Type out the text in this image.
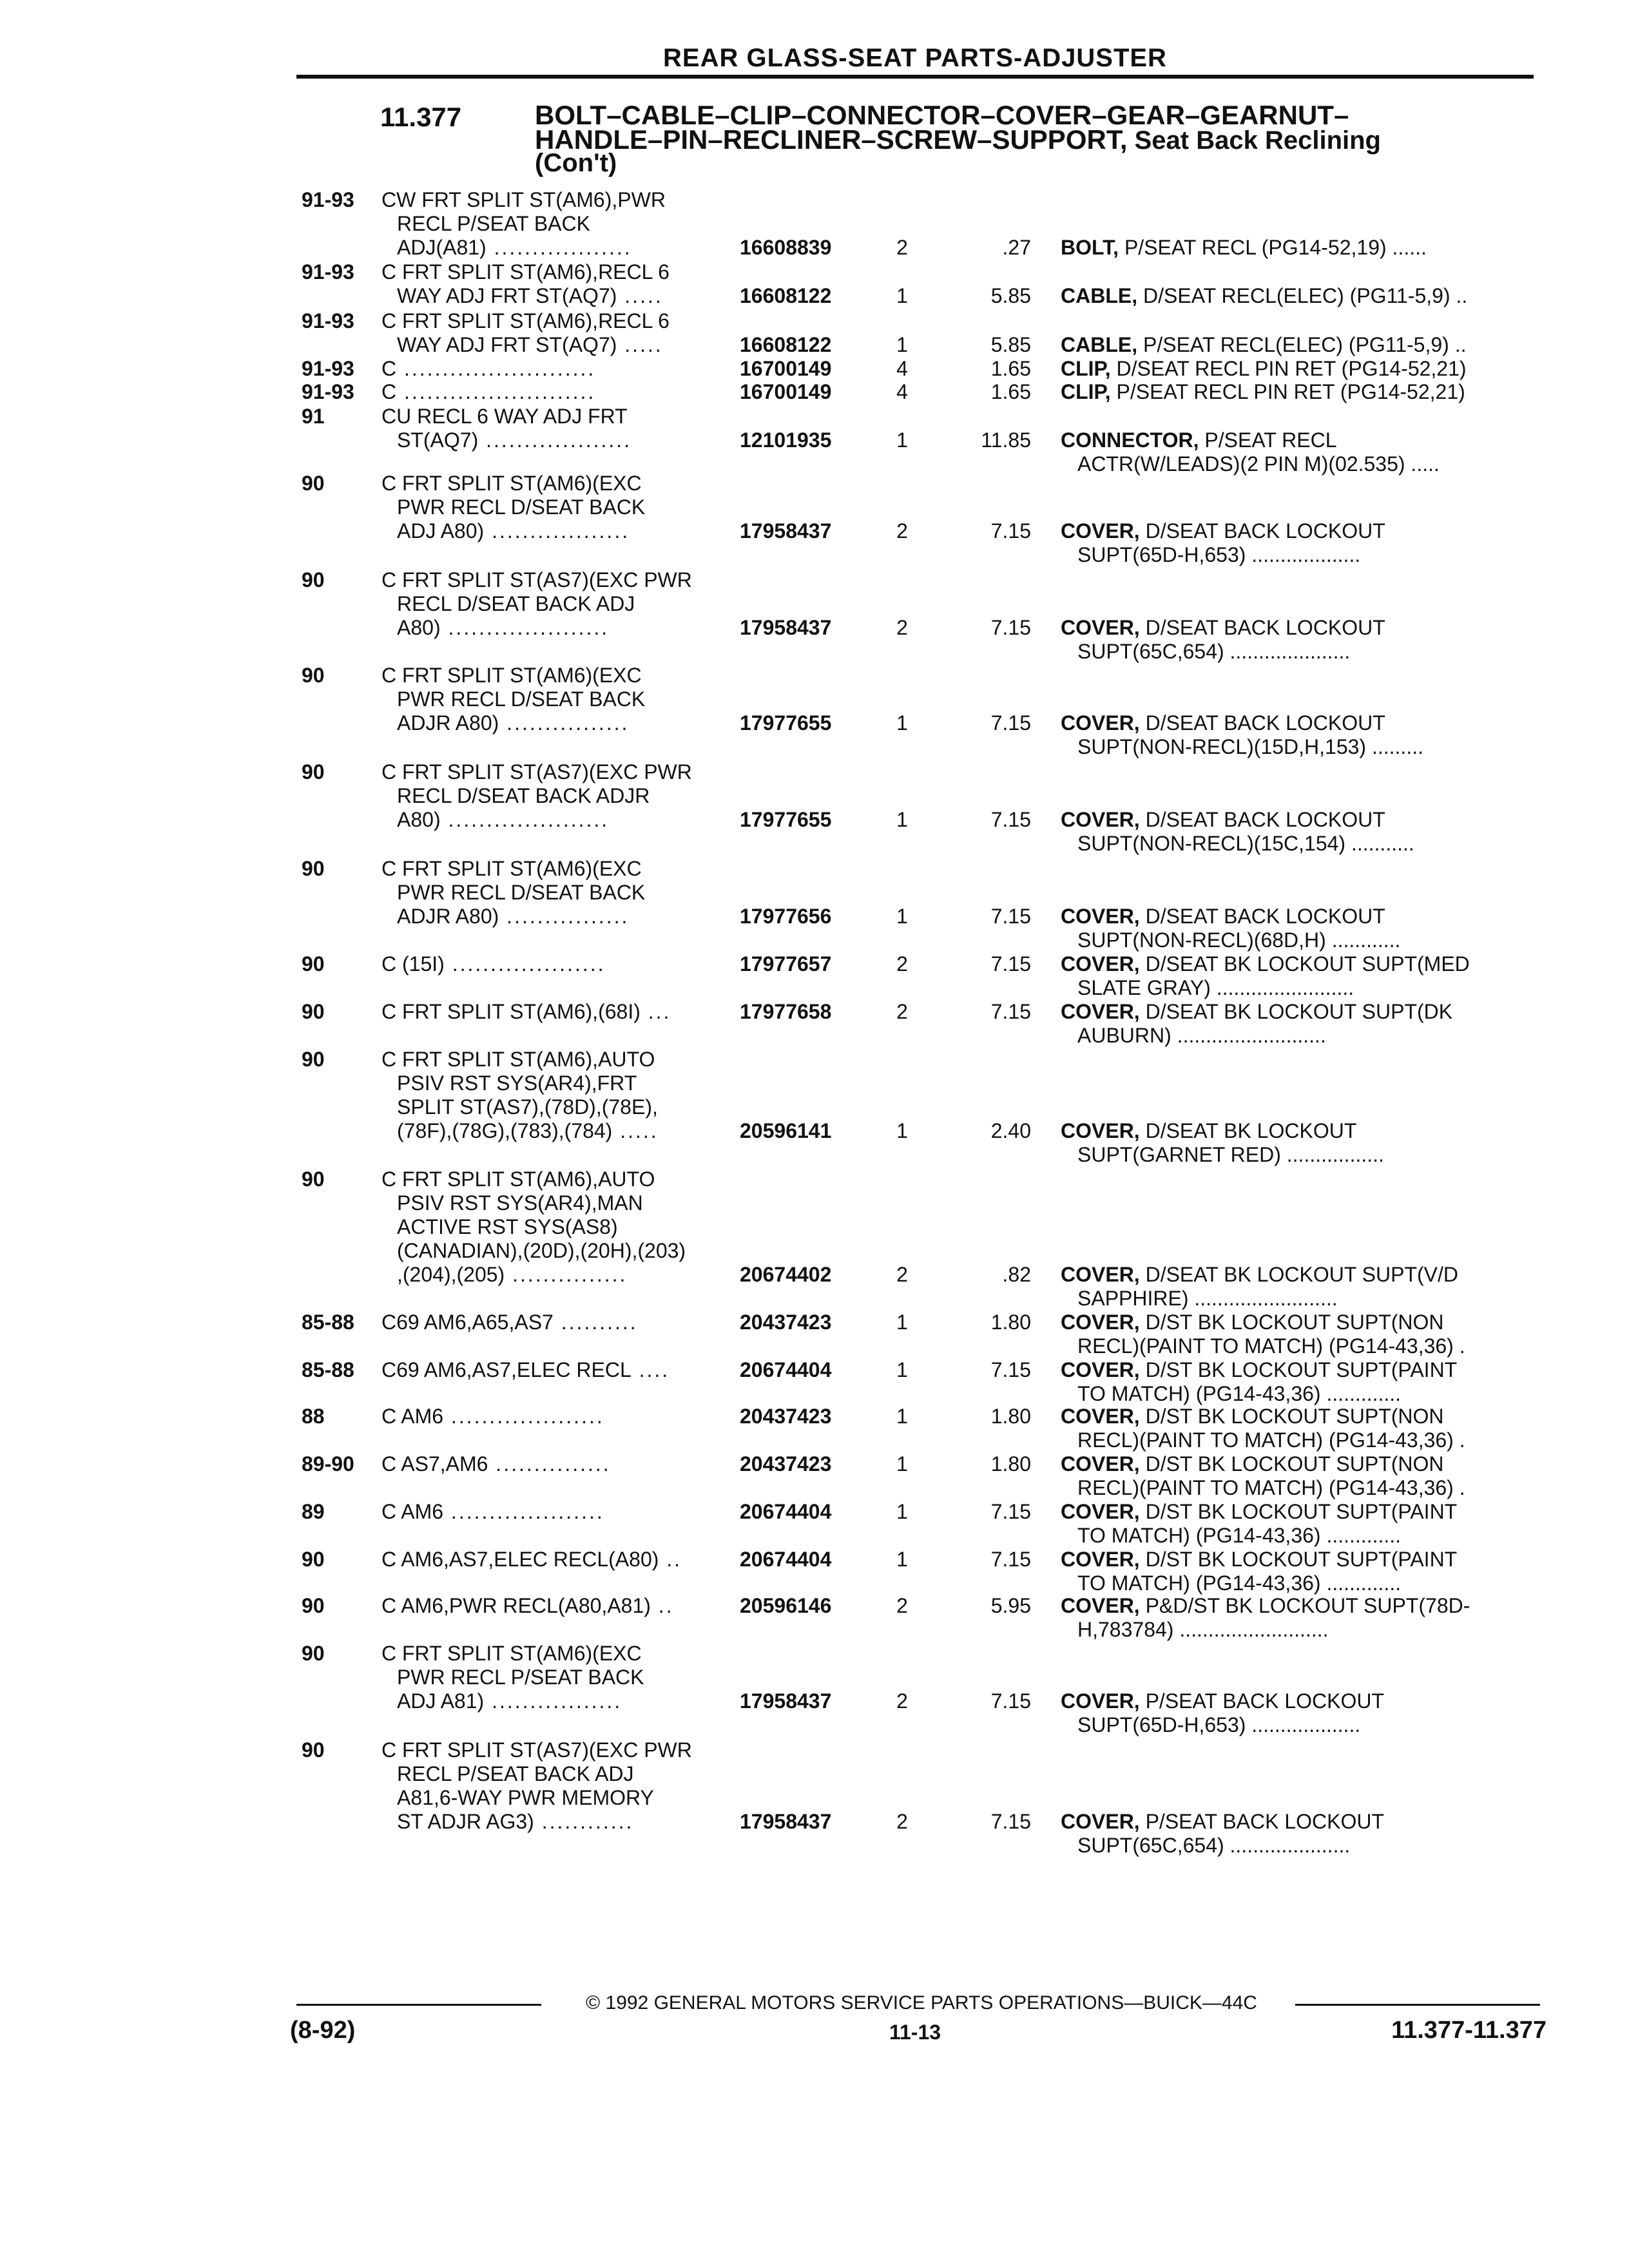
REAR GLASS-SEAT PARTS-ADJUSTER
11.377	BOLT–CABLE–CLIP–CONNECTOR–COVER–GEAR–GEARNUT–
HANDLE–PIN–RECLINER–SCREW–SUPPORT, Seat Back Reclining
(Con't)
91-93 CW FRT SPLIT ST(AM6),PWR
RECL P/SEAT BACK
ADJ(A81) ..................	16608839	2	.27 BOLT, P/SEAT RECL (PG14-52,19) ......
91-93 C FRT SPLIT ST(AM6),RECL 6
WAY ADJ FRT ST(AQ7) .....	16608122	1	5.85 CABLE, D/SEAT RECL(ELEC) (PG11-5,9) ..
91-93 C FRT SPLIT ST(AM6),RECL 6
WAY ADJ FRT ST(AQ7) .....	16608122	1	5.85 CABLE, P/SEAT RECL(ELEC) (PG11-5,9) ..
91-93 C .........................	16700149	4	1.65 CLIP, D/SEAT RECL PIN RET (PG14-52,21)
91-93 C .........................	16700149	4	1.65 CLIP, P/SEAT RECL PIN RET (PG14-52,21)
91	CU RECL 6 WAY ADJ FRT
ST(AQ7) ...................	12101935	1	11.85 CONNECTOR, P/SEAT RECL
ACTR(W/LEADS)(2 PIN M)(02.535) .....
90	C FRT SPLIT ST(AM6)(EXC
PWR RECL D/SEAT BACK
ADJ A80) ..................	17958437	2	7.15 COVER, D/SEAT BACK LOCKOUT
SUPT(65D-H,653) ...................
90	C FRT SPLIT ST(AS7)(EXC PWR
RECL D/SEAT BACK ADJ
A80) .....................	17958437	2	7.15 COVER, D/SEAT BACK LOCKOUT
SUPT(65C,654) .....................
90	C FRT SPLIT ST(AM6)(EXC
PWR RECL D/SEAT BACK
ADJR A80) ................	17977655	1	7.15 COVER, D/SEAT BACK LOCKOUT
SUPT(NON-RECL)(15D,H,153) .........
90	C FRT SPLIT ST(AS7)(EXC PWR
RECL D/SEAT BACK ADJR
A80) .....................	17977655	1	7.15 COVER, D/SEAT BACK LOCKOUT
SUPT(NON-RECL)(15C,154) ...........
90	C FRT SPLIT ST(AM6)(EXC
PWR RECL D/SEAT BACK
ADJR A80) ................	17977656	1	7.15 COVER, D/SEAT BACK LOCKOUT
SUPT(NON-RECL)(68D,H) ............
90	C (15I) ....................	17977657	2	7.15 COVER, D/SEAT BK LOCKOUT SUPT(MED
SLATE GRAY) ........................
90	C FRT SPLIT ST(AM6),(68I) ...	17977658	2	7.15 COVER, D/SEAT BK LOCKOUT SUPT(DK
AUBURN) ..........................
90	C FRT SPLIT ST(AM6),AUTO
PSIV RST SYS(AR4),FRT
SPLIT ST(AS7),(78D),(78E),
(78F),(78G),(783),(784) .....	20596141	1	2.40 COVER, D/SEAT BK LOCKOUT
SUPT(GARNET RED) .................
90	C FRT SPLIT ST(AM6),AUTO
PSIV RST SYS(AR4),MAN
ACTIVE RST SYS(AS8)
(CANADIAN),(20D),(20H),(203)
,(204),(205) ...............	20674402	2	.82 COVER, D/SEAT BK LOCKOUT SUPT(V/D
SAPPHIRE) .........................
85-88 C69 AM6,A65,AS7 ..........	20437423	1	1.80 COVER, D/ST BK LOCKOUT SUPT(NON
RECL)(PAINT TO MATCH) (PG14-43,36) .
85-88 C69 AM6,AS7,ELEC RECL ....	20674404	1	7.15 COVER, D/ST BK LOCKOUT SUPT(PAINT
TO MATCH) (PG14-43,36) .............
88	C AM6 ....................	20437423	1	1.80 COVER, D/ST BK LOCKOUT SUPT(NON
RECL)(PAINT TO MATCH) (PG14-43,36) .
89-90 C AS7,AM6 ...............	20437423	1	1.80 COVER, D/ST BK LOCKOUT SUPT(NON
RECL)(PAINT TO MATCH) (PG14-43,36) .
89	C AM6 ....................	20674404	1	7.15 COVER, D/ST BK LOCKOUT SUPT(PAINT
TO MATCH) (PG14-43,36) .............
90	C AM6,AS7,ELEC RECL(A80) ..	20674404	1	7.15 COVER, D/ST BK LOCKOUT SUPT(PAINT
TO MATCH) (PG14-43,36) .............
90	C AM6,PWR RECL(A80,A81) ..	20596146	2	5.95 COVER, P&D/ST BK LOCKOUT SUPT(78D-
H,783784) ..........................
90	C FRT SPLIT ST(AM6)(EXC
PWR RECL P/SEAT BACK
ADJ A81) .................	17958437	2	7.15 COVER, P/SEAT BACK LOCKOUT
SUPT(65D-H,653) ...................
90	C FRT SPLIT ST(AS7)(EXC PWR
RECL P/SEAT BACK ADJ
A81,6-WAY PWR MEMORY
ST ADJR AG3) ............	17958437	2	7.15 COVER, P/SEAT BACK LOCKOUT
SUPT(65C,654) .....................
© 1992 GENERAL MOTORS SERVICE PARTS OPERATIONS—BUICK—44C
(8-92)	11-13	11.377-11.377
